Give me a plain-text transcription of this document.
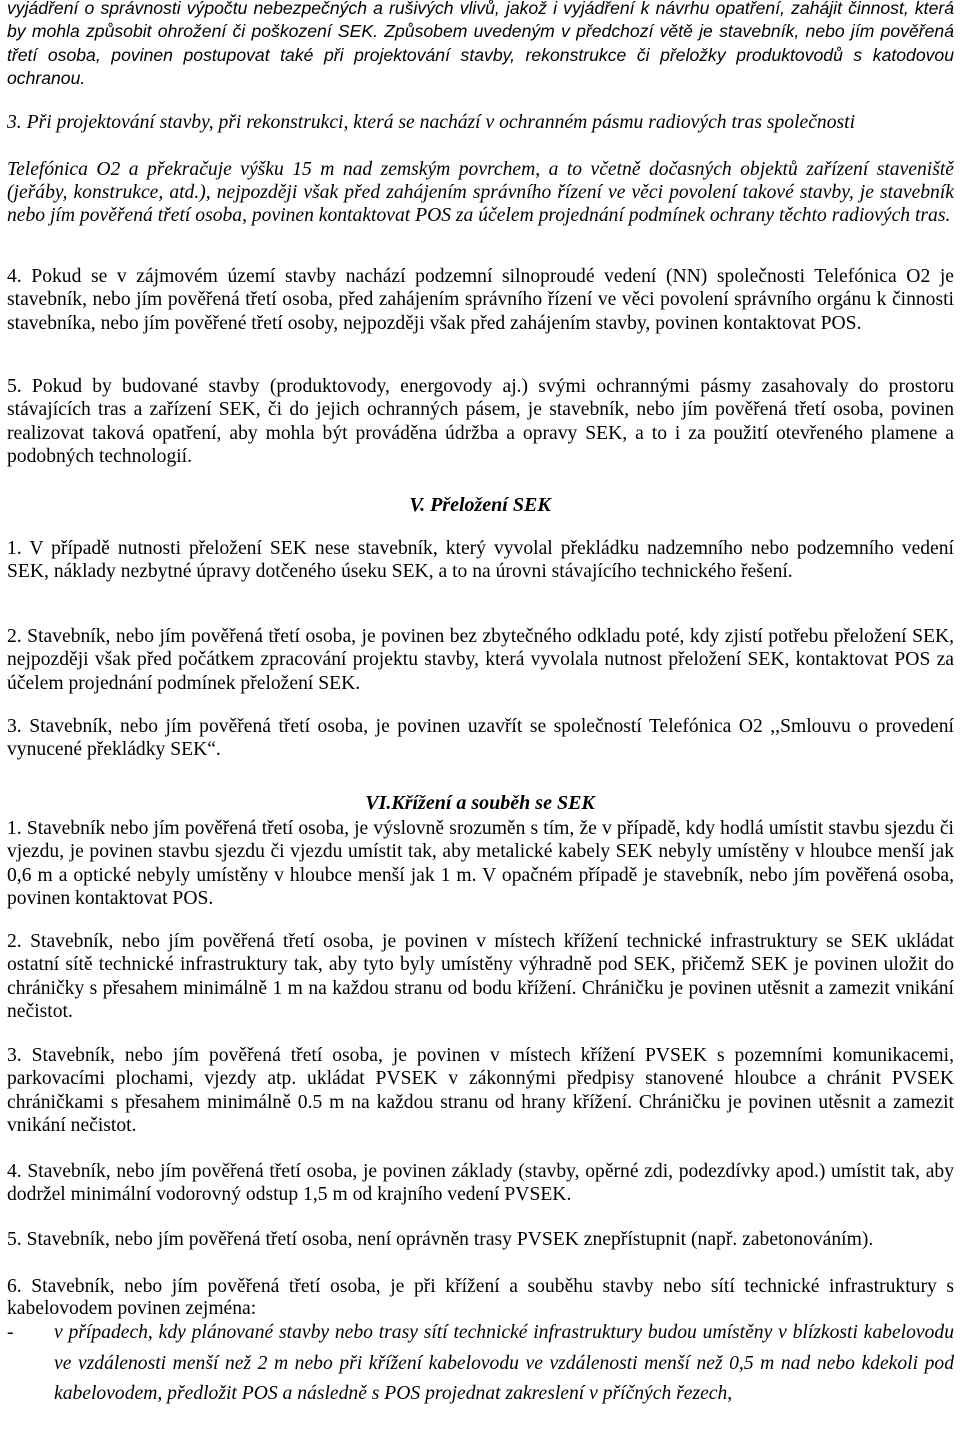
vyjádření o správnosti výpočtu nebezpečných a rušivých vlivů, jakož i vyjádření k návrhu opatření, zahájit činnost, která by mohla způsobit ohrožení či poškození SEK. Způsobem uvedeným v předchozí větě je stavebník, nebo jím pověřená třetí osoba, povinen postupovat také při projektování stavby, rekonstrukce či přeložky produktovodů s katodovou ochranou.

3. Při projektování stavby, při rekonstrukci, která se nachází v ochranném pásmu radiových tras společnosti

Telefónica O2 a překračuje výšku 15 m nad zemským povrchem, a to včetně dočasných objektů zařízení staveniště (jeřáby, konstrukce, atd.), nejpozději však před zahájením správního řízení ve věci povolení takové stavby, je stavebník nebo jím pověřená třetí osoba, povinen kontaktovat POS za účelem projednání podmínek ochrany těchto radiových tras.

4. Pokud se v zájmovém území stavby nachází podzemní silnoproudé vedení (NN) společnosti Telefónica O2 je stavebník, nebo jím pověřená třetí osoba, před zahájením správního řízení ve věci povolení správního orgánu k činnosti stavebníka, nebo jím pověřené třetí osoby, nejpozději však před zahájením stavby, povinen kontaktovat POS.

5. Pokud by budované stavby (produktovody, energovody aj.) svými ochrannými pásmy zasahovaly do prostoru stávajících tras a zařízení SEK, či do jejich ochranných pásem, je stavebník, nebo jím pověřená třetí osoba, povinen realizovat taková opatření, aby mohla být prováděna údržba a opravy SEK, a to i za použití otevřeného plamene a podobných technologií.

V. Přeložení SEK

1. V případě nutnosti přeložení SEK nese stavebník, který vyvolal překládku nadzemního nebo podzemního vedení SEK, náklady nezbytné úpravy dotčeného úseku SEK, a to na úrovni stávajícího technického řešení.

2. Stavebník, nebo jím pověřená třetí osoba, je povinen bez zbytečného odkladu poté, kdy zjistí potřebu přeložení SEK, nejpozději však před počátkem zpracování projektu stavby, která vyvolala nutnost přeložení SEK, kontaktovat POS za účelem projednání podmínek přeložení SEK.

3. Stavebník, nebo jím pověřená třetí osoba, je povinen uzavřít se společností Telefónica O2 ,,Smlouvu o provedení vynucené překládky SEK“.

VI.Křížení a souběh se SEK

1. Stavebník nebo jím pověřená třetí osoba, je výslovně srozuměn s tím, že v případě, kdy hodlá umístit stavbu sjezdu či vjezdu, je povinen stavbu sjezdu či vjezdu umístit tak, aby metalické kabely SEK nebyly umístěny v hloubce menší jak 0,6 m a optické nebyly umístěny v hloubce menší jak 1 m. V opačném případě je stavebník, nebo jím pověřená osoba, povinen kontaktovat POS.

2. Stavebník, nebo jím pověřená třetí osoba, je povinen v místech křížení technické infrastruktury se SEK ukládat ostatní sítě technické infrastruktury tak, aby tyto byly umístěny výhradně pod SEK, přičemž SEK je povinen uložit do chráničky s přesahem minimálně 1 m na každou stranu od bodu křížení. Chráničku je povinen utěsnit a zamezit vnikání nečistot.

3. Stavebník, nebo jím pověřená třetí osoba, je povinen v místech křížení PVSEK s pozemními komunikacemi, parkovacími plochami, vjezdy atp. ukládat PVSEK v zákonnými předpisy stanovené hloubce a chránit PVSEK chráničkami s přesahem minimálně 0.5 m na každou stranu od hrany křížení. Chráničku je povinen utěsnit a zamezit vnikání nečistot.

4. Stavebník, nebo jím pověřená třetí osoba, je povinen základy (stavby, opěrné zdi, podezdívky apod.) umístit tak, aby dodržel minimální vodorovný odstup 1,5 m od krajního vedení PVSEK.

5. Stavebník, nebo jím pověřená třetí osoba, není oprávněn trasy PVSEK znepřístupnit (např. zabetonováním).

6. Stavebník, nebo jím pověřená třetí osoba, je při křížení a souběhu stavby nebo sítí technické infrastruktury s kabelovodem povinen zejména:

- v případech, kdy plánované stavby nebo trasy sítí technické infrastruktury budou umístěny v blízkosti kabelovodu ve vzdálenosti menší než 2 m nebo při křížení kabelovodu ve vzdálenosti menší než 0,5 m nad nebo kdekoli pod kabelovodem, předložit POS a následně s POS projednat zakreslení v příčných řezech,
